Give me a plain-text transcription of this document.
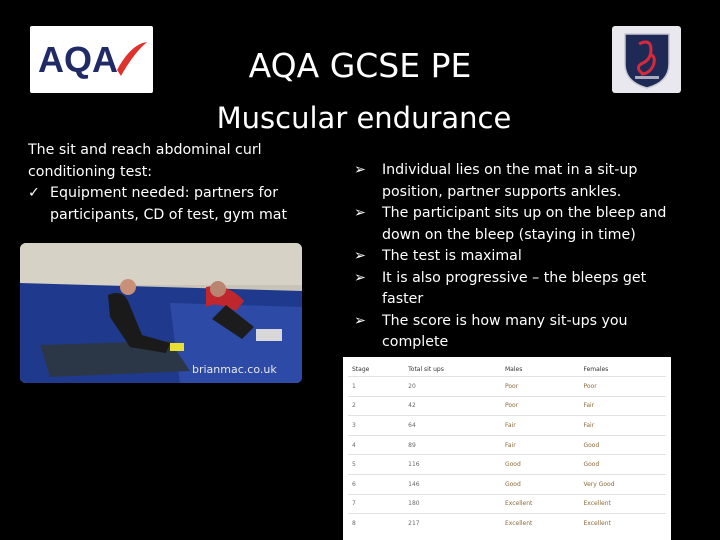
AQA	AQA GCSE PE
Muscular endurance
The sit and reach abdominal curl conditioning test:
✓ Equipment needed: partners for participants, CD of test, gym mat
brianmac.co.uk
➢	Individual lies on the mat in a sit-up position, partner supports ankles.
➢	The participant sits up on the bleep and down on the bleep (staying in time)
➢	The test is maximal
➢	It is also progressive – the bleeps get faster
➢	The score is how many sit-ups you complete
Stage	Total sit ups	Males	Females
1	20	Poor	Poor
2	42	Poor	Fair
3	64	Fair	Fair
4	89	Fair	Good
5	116	Good	Good
6	146	Good	Very Good
7	180	Excellent	Excellent
8	217	Excellent	Excellent
